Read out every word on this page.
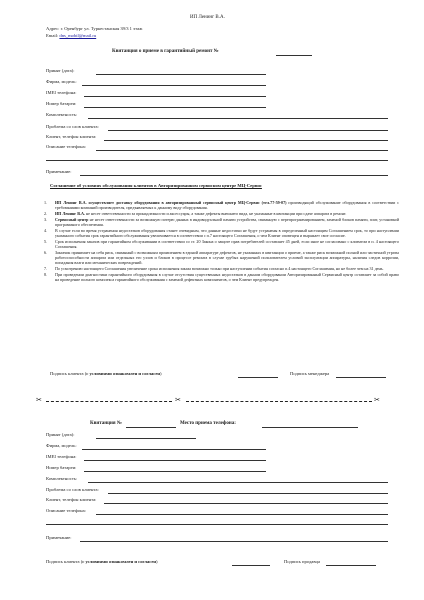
ИП Ленинг В.А.
Адрес: г. Оренбург ул. Туркестанская 39/3 1 этаж
Email: dns_mobil@mail.ru
Квитанция о приеме в гарантийный ремонт №
Принят (дата):
Фирма, модель:
IMEI телефона:
Номер батареи:
Комплектность:
Проблема со слов клиента:
Клиент, телефон клиента:
Описание телефона:
Примечание:
Соглашение об условиях обслуживания клиентов в Авторизированном сервисном центре МЦ-Сервис
1. ИП Ленинг В.А. осуществляет доставку оборудования в авторизированный сервисный центр МЦ-Сервис (тел.77-59-07) производящий обслуживание оборудования в соответствии с требованиями компаний производителя, предъявляемых к данному виду оборудования.
2. ИП Ленинг В.А. не несет ответственности за принадлежности и аксессуары, а также дефекты внешнего вида, не указанные в квитанции при сдаче аппарата в ремонт.
3. Сервисный центр не несет ответственности за возможную потерю данных в индивидуальной памяти устройства, связанную с перепрограммированием, заменой блоков памяти, плат, установкой программного обеспечения.
4. В случае если во время устранения недостатков оборудования станет очевидным, что данные недостатки не будут устранены в определенный настоящим Соглашением срок, то при наступлении указанного события срок гарантийного обслуживания увеличивается в соответствии с п.7 настоящего Соглашения, о чем Клиент оповещен и выражает свое согласие.
5. Срок исполнения заказов при гарантийном обслуживании в соответствии со ст. 20 Закона о защите прав потребителей составляет 45 дней, если иное не согласовано с клиентом в п. 4 настоящего Соглашения.
6. Заказчик принимает на себя риск, связанный с возможным проявлением в единой аппаратуре дефектов, не указанных в квитанции о приеме, а также риск возможной полной или частичной утраты работоспособности аппарата или отдельных его узлов и блоков в процессе ремонта в случае грубых нарушений пользователем условий эксплуатации аппаратуры, наличия следов коррозии, попадания влаги или механических повреждений.
7. По усмотрению настоящего Соглашения увеличение срока исполнения заказа возможно только при наступлении события согласно п.4 настоящего Соглашения, но не более чем на 31 день.
8. При проведении диагностики гарантийного оборудования в случае отсутствия существенных недостатков в данном оборудовании Авторизированный Сервисный центр оставляет за собой право на проведение полного комплекса гарантийного обслуживания с заменой дефектных компонентов, о чем Клиент предупрежден.
Подпись клиента (с условиями ознакомлен и согласен)	Подпись менеджера
✂	✂	✂
Квитанция №	Место приема телефона:
Принят (дата):
Фирма, модель:
IMEI телефона:
Номер батареи:
Комплектность:
Проблема со слов клиента:
Клиент, телефон клиента:
Описание телефона:
Примечание:
Подпись клиента (с условиями ознакомлен и согласен)	Подпись продавца
